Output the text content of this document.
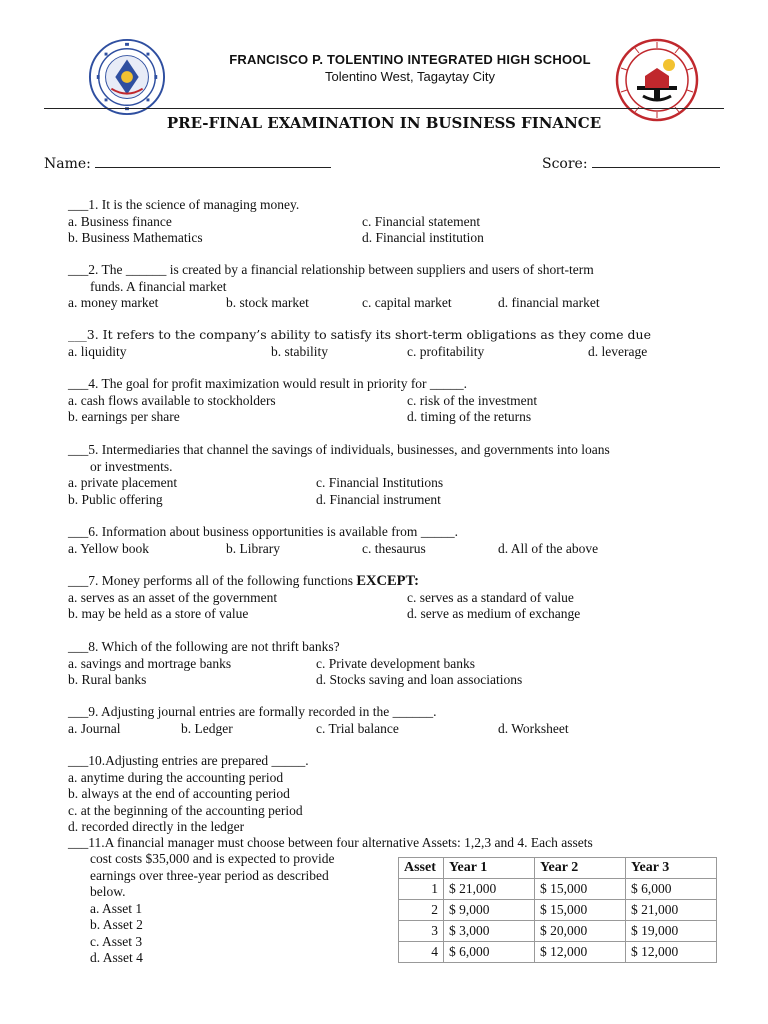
FRANCISCO P. TOLENTINO INTEGRATED HIGH SCHOOL
Tolentino West, Tagaytay City
PRE-FINAL EXAMINATION IN BUSINESS FINANCE
Name:	Score:
___1. It is the science of managing money.
a. Business finance	c. Financial statement
b. Business Mathematics	d. Financial institution
___2. The ______ is created by a financial relationship between suppliers and users of short-term
funds. A financial market
a. money market	b. stock market	c. capital market	d. financial market
___3. It refers to the company’s ability to satisfy its short-term obligations as they come due
a. liquidity	b. stability	c. profitability	d. leverage
___4. The goal for profit maximization would result in priority for _____.
a. cash flows available to stockholders	c. risk of the investment
b. earnings per share	d. timing of the returns
___5. Intermediaries that channel the savings of individuals, businesses, and governments into loans
or investments.
a. private placement	c. Financial Institutions
b. Public offering	d. Financial instrument
___6. Information about business opportunities is available from _____.
a. Yellow book	b. Library	c. thesaurus	d. All of the above
___7. Money performs all of the following functions EXCEPT:
a. serves as an asset of the government	c. serves as a standard of value
b. may be held as a store of value	d. serve as medium of exchange
___8. Which of the following are not thrift banks?
a. savings and mortrage banks	c. Private development banks
b. Rural banks	d. Stocks saving and loan associations
___9. Adjusting journal entries are formally recorded in the ______.
a. Journal	b. Ledger	c. Trial balance	d. Worksheet
___10.Adjusting entries are prepared _____.
a. anytime during the accounting period
b. always at the end of accounting period
c. at the beginning of the accounting period
d. recorded directly in the ledger
___11.A financial manager must choose between four alternative Assets: 1,2,3 and 4. Each assets
cost costs $35,000 and is expected to provide
earnings over three-year period as described
below.
a. Asset 1
b. Asset 2
c. Asset 3
d. Asset 4
Asset	Year 1	Year 2	Year 3
1	$ 21,000	$ 15,000	$ 6,000
2	$ 9,000	$ 15,000	$ 21,000
3	$ 3,000	$ 20,000	$ 19,000
4	$ 6,000	$ 12,000	$ 12,000
